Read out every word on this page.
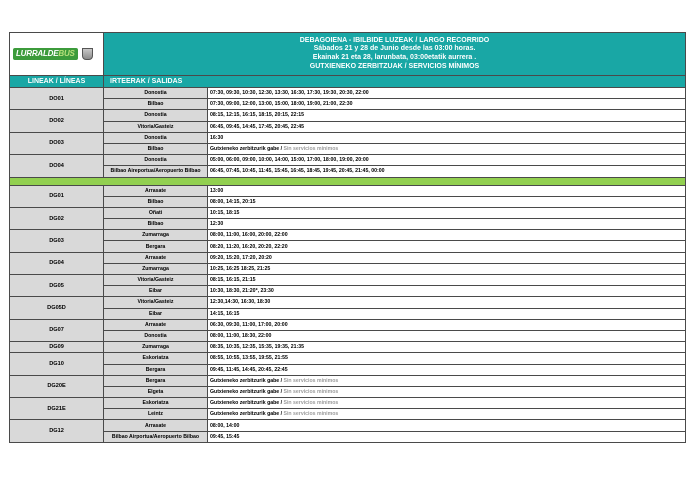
LURRALDEBUS	DEBAGOIENA - IBILBIDE LUZEAK / LARGO RECORRIDO
Sábados 21 y 28 de Junio desde las 03:00 horas.
Ekainak 21 eta 28, larunbata, 03:00etatik aurrera .
GUTXIENEKO ZERBITZUAK / SERVICIOS MÍNIMOS	

LINEAK / LÍNEAS	IRTEERAK / SALIDAS	
DO01	Donostia	07:30, 09:30, 10:30, 12:30, 13:30, 16:30, 17:30, 19:30, 20:30, 22:00
	Bilbao	07:30, 09:00, 12:00, 13:00, 15:00, 18:00, 19:00, 21:00, 22:30
DO02	Donostia	08:15, 12:15, 16:15, 18:15, 20:15, 22:15
	Vitoria/Gasteiz	06:45, 09:45, 14:45, 17:45, 20:45, 22:45
DO03	Donostia	16:30
	Bilbao	Gutxieneko zerbitzurik gabe / Sin servicios mínimos
DO04	Donostia	05:00, 06:00, 09:00, 10:00, 14:00, 15:00, 17:00, 18:00, 19:00, 20:00
	Bilbao Aireportua/Aeropuerto Bilbao	06:45, 07:45, 10:45, 11:45, 15:45, 16:45, 18:45, 19:45, 20:45, 21:45, 00:00

DG01	Arrasate	13:00
	Bilbao	08:00, 14:15, 20:15
DG02	Oñati	10:15, 18:15
	Bilbao	12:30
DG03	Zumarraga	08:00, 11:00, 16:00, 20:00, 22:00
	Bergara	08:20, 11:20, 16:20, 20:20, 22:20
DG04	Arrasate	09:20, 15:20, 17:20, 20:20
	Zumarraga	10:25, 16:25 18:25, 21:25
DG05	Vitoria/Gasteiz	08:15, 16:15, 21:15
	Eibar	10:30, 18:30, 21:20*, 23:30
DG05D	Vitoria/Gasteiz	12:30,14:30, 16:30, 18:30
	Eibar	14:15, 16:15
DG07	Arrasate	06:30, 09:30, 11:00, 17:00, 20:00
	Donostia	08:00, 11:00, 18:30, 22:00
DG09	Zumarraga	08:35, 10:35, 12:35, 15:35, 19:35, 21:35
DG10	Eskoriatza	08:55, 10:55, 13:55, 19:55, 21:55
	Bergara	09:45, 11:45, 14:45, 20:45, 22:45
DG20E	Bergara	Gutxieneko zerbitzurik gabe / Sin servicios mínimos
	Elgeta	Gutxieneko zerbitzurik gabe / Sin servicios mínimos
DG21E	Eskoriatza	Gutxieneko zerbitzurik gabe / Sin servicios mínimos
	Leintz	Gutxieneko zerbitzurik gabe / Sin servicios mínimos
DG12	Arrasate	08:00, 14:00
	Bilbao Airportua/Aeropuerto Bilbao	09:45, 15:45
